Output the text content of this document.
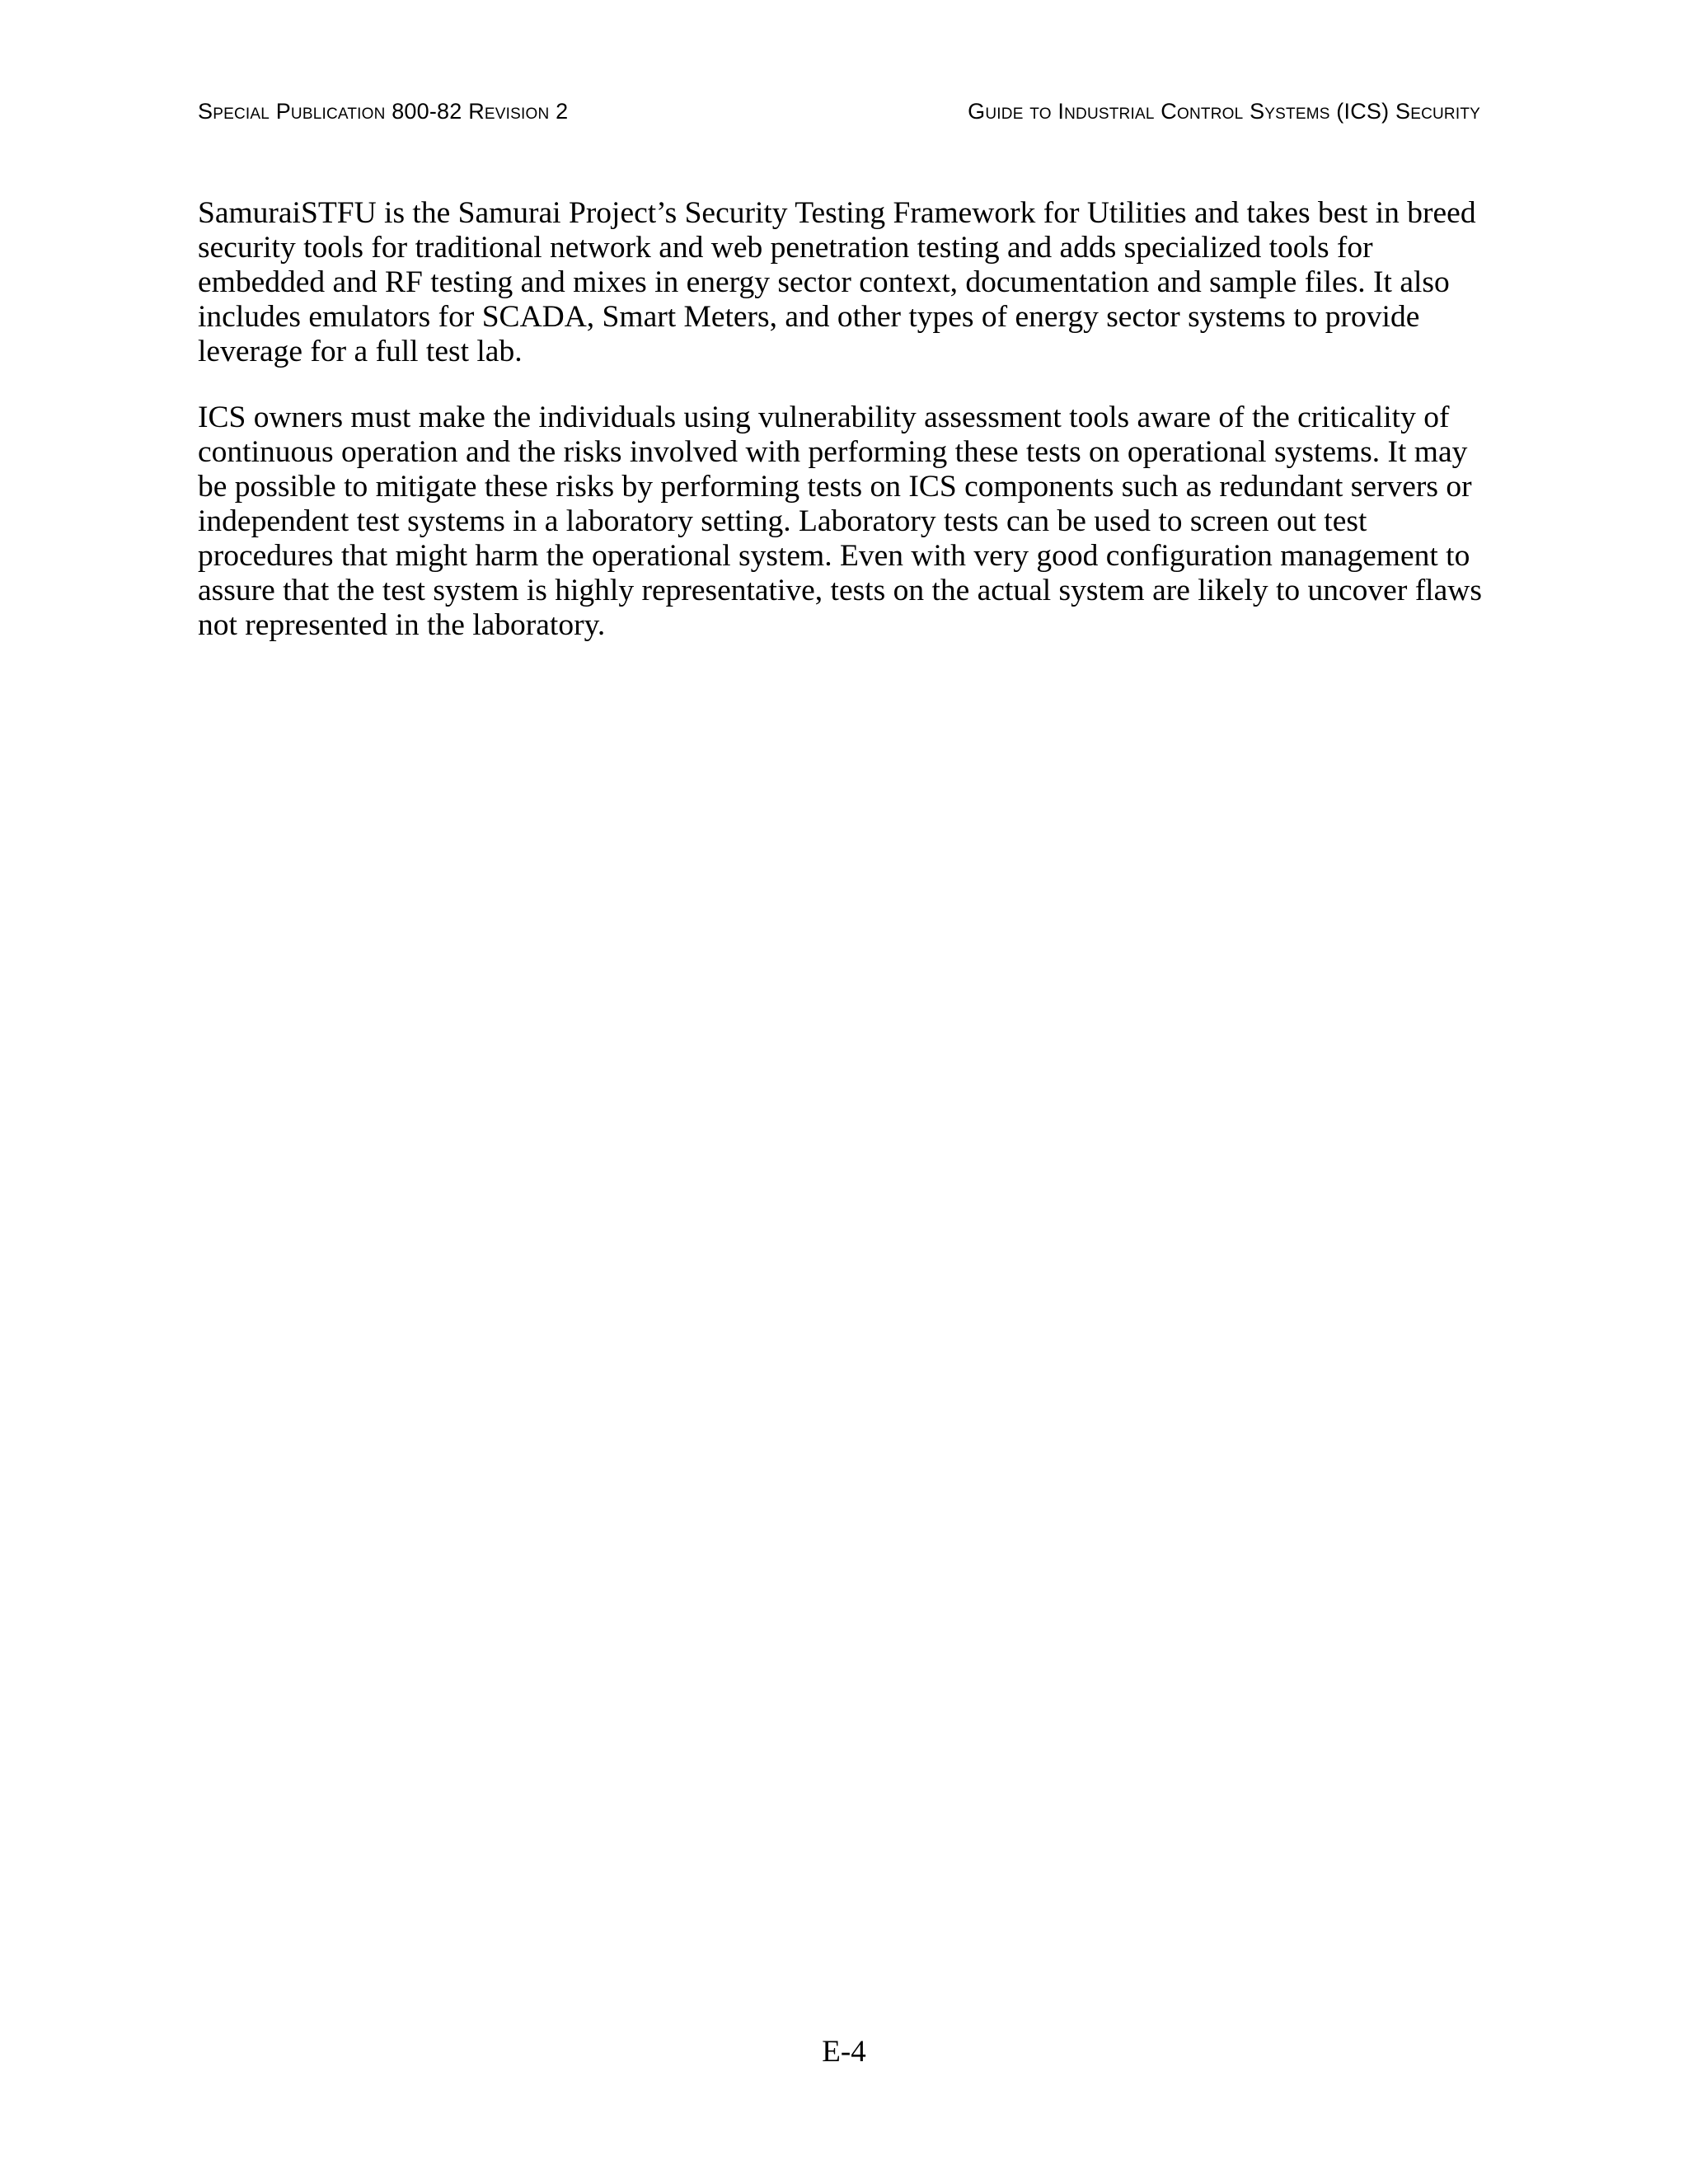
Special Publication 800-82 Revision 2	Guide to Industrial Control Systems (ICS) Security

SamuraiSTFU is the Samurai Project’s Security Testing Framework for Utilities and takes best in breed security tools for traditional network and web penetration testing and adds specialized tools for embedded and RF testing and mixes in energy sector context, documentation and sample files. It also includes emulators for SCADA, Smart Meters, and other types of energy sector systems to provide leverage for a full test lab.

ICS owners must make the individuals using vulnerability assessment tools aware of the criticality of continuous operation and the risks involved with performing these tests on operational systems. It may be possible to mitigate these risks by performing tests on ICS components such as redundant servers or independent test systems in a laboratory setting. Laboratory tests can be used to screen out test procedures that might harm the operational system. Even with very good configuration management to assure that the test system is highly representative, tests on the actual system are likely to uncover flaws not represented in the laboratory.

E-4
